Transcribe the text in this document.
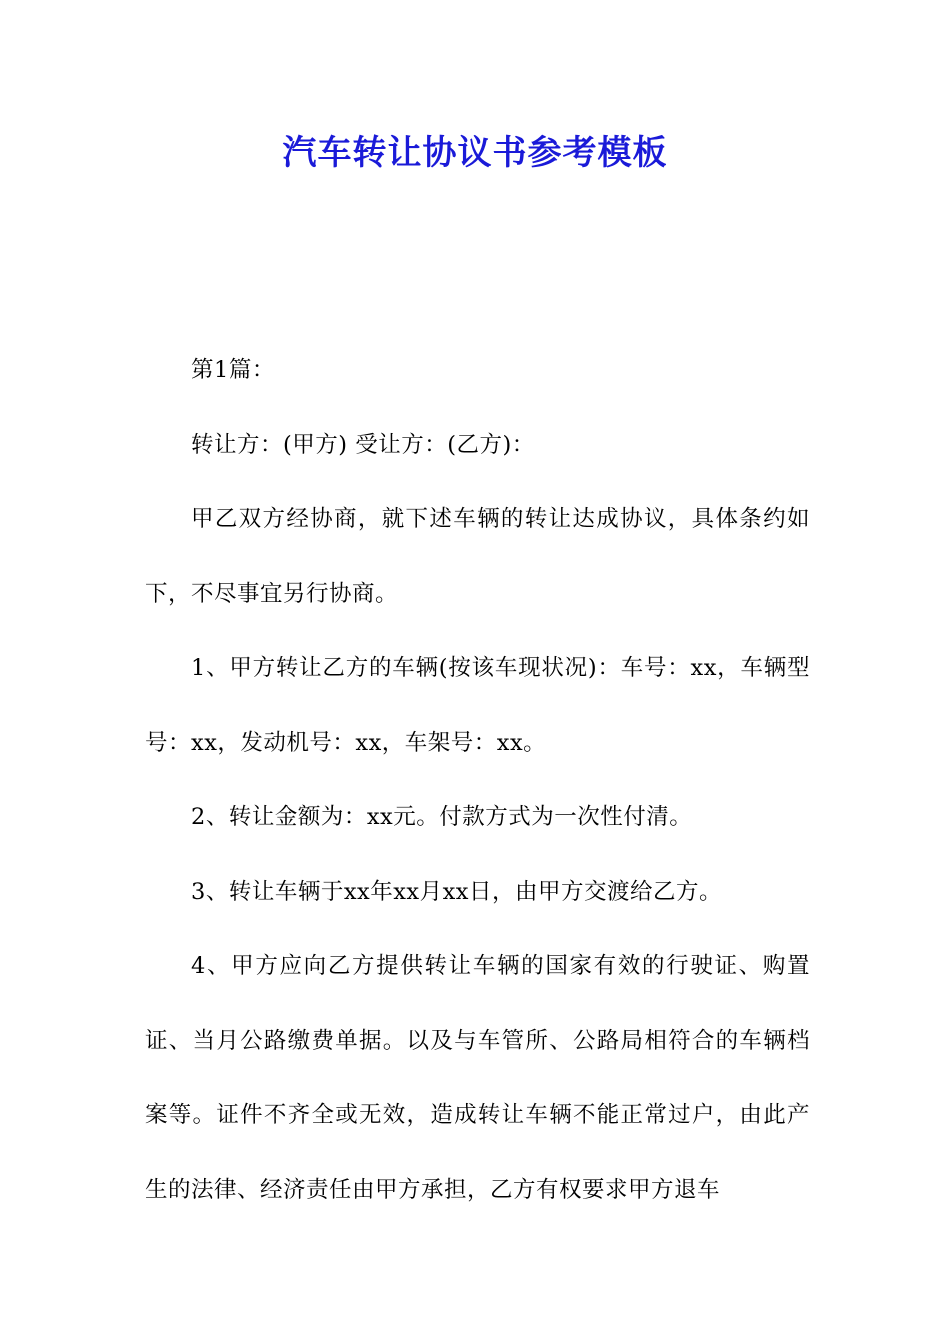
汽车转让协议书参考模板

第1篇：

转让方：(甲方) 受让方：(乙方)：

甲乙双方经协商，就下述车辆的转让达成协议，具体条约如下，不尽事宜另行协商。

1、甲方转让乙方的车辆(按该车现状况)：车号：xx，车辆型号：xx，发动机号：xx，车架号：xx。

2、转让金额为：xx元。付款方式为一次性付清。

3、转让车辆于xx年xx月xx日，由甲方交渡给乙方。

4、甲方应向乙方提供转让车辆的国家有效的行驶证、购置证、当月公路缴费单据。以及与车管所、公路局相符合的车辆档案等。证件不齐全或无效，造成转让车辆不能正常过户，由此产生的法律、经济责任由甲方承担，乙方有权要求甲方退车
